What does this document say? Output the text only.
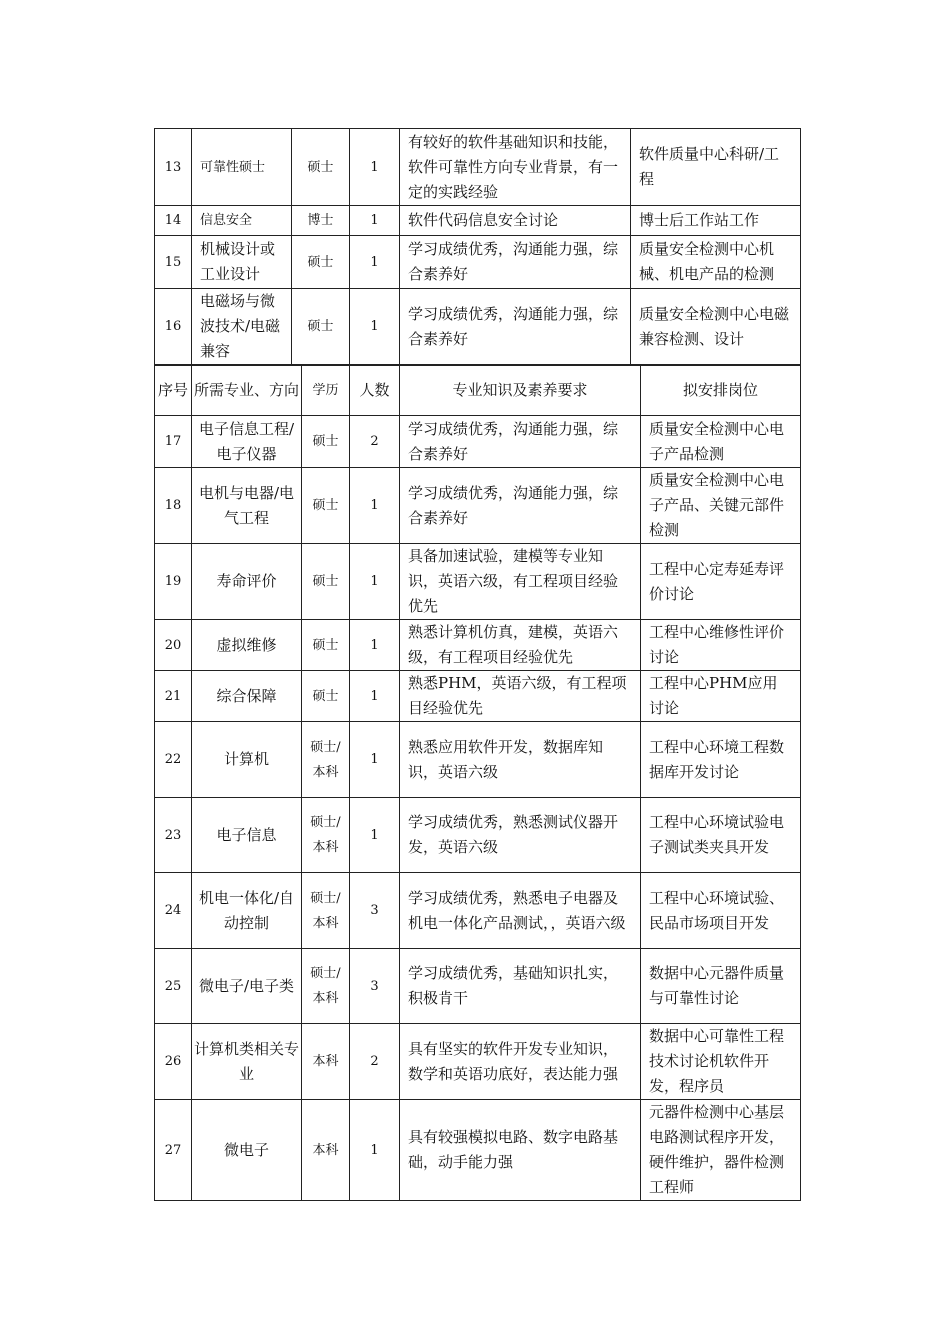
13	可靠性硕士	硕士	1	有较好的软件基础知识和技能，软件可靠性方向专业背景，有一定的实践经验	软件质量中心科研/工程
14	信息安全	博士	1	软件代码信息安全讨论	博士后工作站工作
15	机械设计或工业设计	硕士	1	学习成绩优秀，沟通能力强，综合素养好	质量安全检测中心机械、机电产品的检测
16	电磁场与微波技术/电磁兼容	硕士	1	学习成绩优秀，沟通能力强，综合素养好	质量安全检测中心电磁兼容检测、设计
序号	所需专业、方向	学历	人数	专业知识及素养要求	拟安排岗位
17	电子信息工程/电子仪器	硕士	2	学习成绩优秀，沟通能力强，综合素养好	质量安全检测中心电子产品检测
18	电机与电器/电气工程	硕士	1	学习成绩优秀，沟通能力强，综合素养好	质量安全检测中心电子产品、关键元部件检测
19	寿命评价	硕士	1	具备加速试验，建模等专业知识，英语六级，有工程项目经验优先	工程中心定寿延寿评价讨论
20	虚拟维修	硕士	1	熟悉计算机仿真，建模，英语六级，有工程项目经验优先	工程中心维修性评价讨论
21	综合保障	硕士	1	熟悉PHM，英语六级，有工程项目经验优先	工程中心PHM应用讨论
22	计算机	硕士/本科	1	熟悉应用软件开发，数据库知识，英语六级	工程中心环境工程数据库开发讨论
23	电子信息	硕士/本科	1	学习成绩优秀，熟悉测试仪器开发，英语六级	工程中心环境试验电子测试类夹具开发
24	机电一体化/自动控制	硕士/本科	3	学习成绩优秀，熟悉电子电器及机电一体化产品测试，，英语六级	工程中心环境试验、民品市场项目开发
25	微电子/电子类	硕士/本科	3	学习成绩优秀，基础知识扎实，积极肯干	数据中心元器件质量与可靠性讨论
26	计算机类相关专业	本科	2	具有坚实的软件开发专业知识，数学和英语功底好，表达能力强	数据中心可靠性工程技术讨论机软件开发，程序员
27	微电子	本科	1	具有较强模拟电路、数字电路基础，动手能力强	元器件检测中心基层电路测试程序开发，硬件维护，器件检测工程师
